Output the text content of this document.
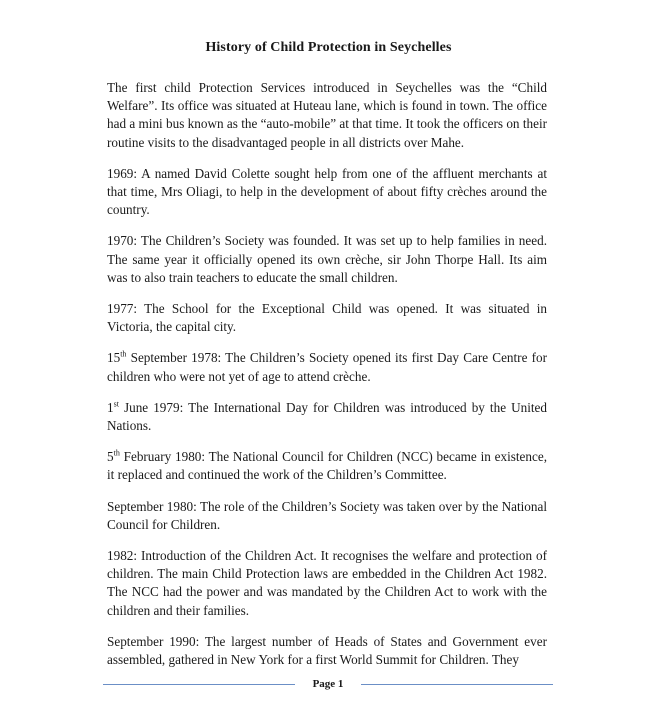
History of Child Protection in Seychelles

The first child Protection Services introduced in Seychelles was the “Child Welfare”. Its office was situated at Huteau lane, which is found in town. The office had a mini bus known as the “auto-mobile” at that time. It took the officers on their routine visits to the disadvantaged people in all districts over Mahe.

1969: A named David Colette sought help from one of the affluent merchants at that time, Mrs Oliagi, to help in the development of about fifty crèches around the country.

1970: The Children’s Society was founded. It was set up to help families in need. The same year it officially opened its own crèche, sir John Thorpe Hall. Its aim was to also train teachers to educate the small children.

1977: The School for the Exceptional Child was opened. It was situated in Victoria, the capital city.

15th September 1978: The Children’s Society opened its first Day Care Centre for children who were not yet of age to attend crèche.

1st June 1979: The International Day for Children was introduced by the United Nations.

5th February 1980: The National Council for Children (NCC) became in existence, it replaced and continued the work of the Children’s Committee.

September 1980: The role of the Children’s Society was taken over by the National Council for Children.

1982: Introduction of the Children Act. It recognises the welfare and protection of children. The main Child Protection laws are embedded in the Children Act 1982. The NCC had the power and was mandated by the Children Act to work with the children and their families.

September 1990: The largest number of Heads of States and Government ever assembled, gathered in New York for a first World Summit for Children. They

Page 1
